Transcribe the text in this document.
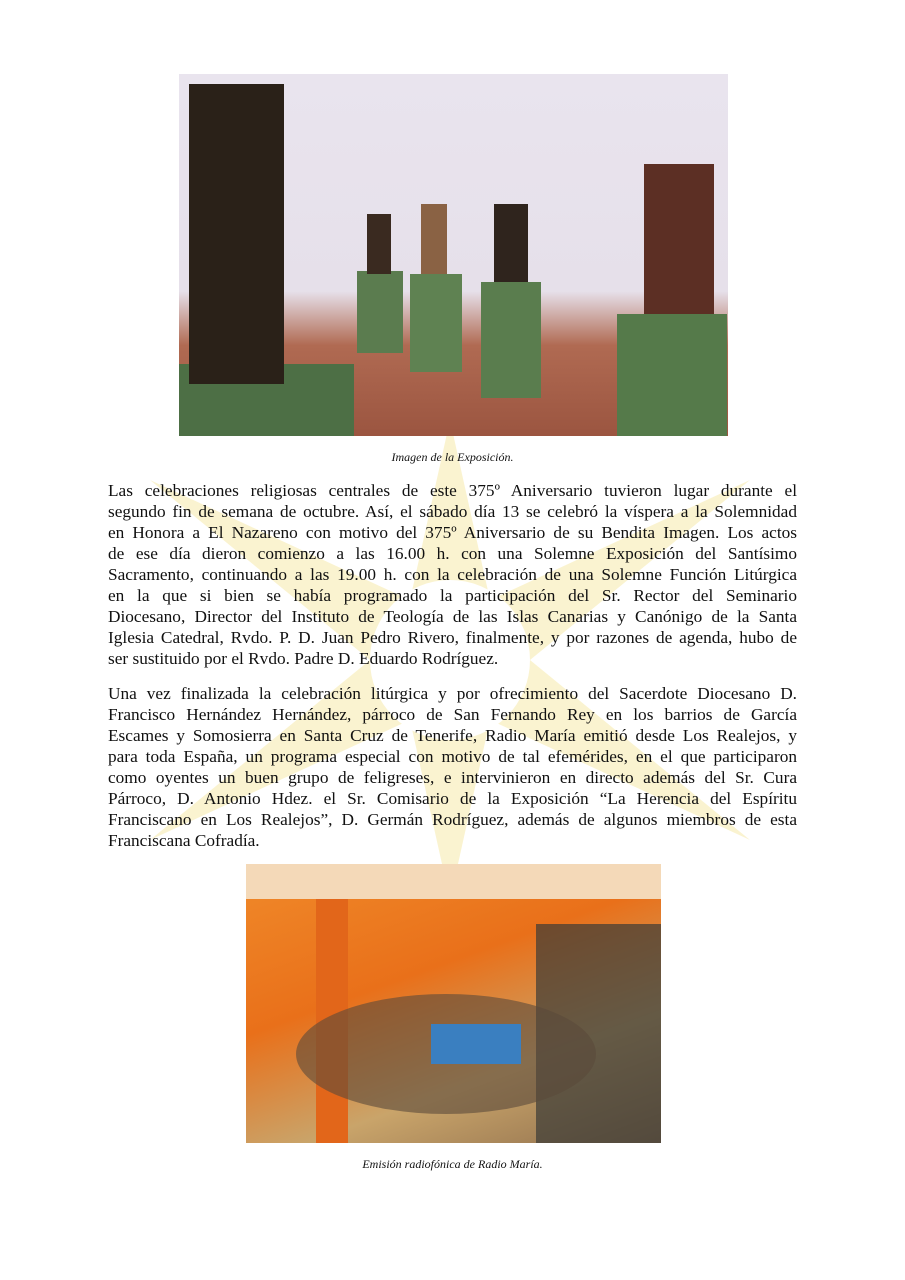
Imagen de la Exposición.
Las celebraciones religiosas centrales de este 375º Aniversario tuvieron lugar durante el
segundo fin de semana de octubre. Así, el sábado día 13 se celebró la víspera a la Solemnidad
en Honora a El Nazareno con motivo del 375º Aniversario de su Bendita Imagen. Los actos
de ese día dieron comienzo a las 16.00 h. con una Solemne Exposición del Santísimo
Sacramento, continuando a las 19.00 h. con la celebración de una Solemne Función Litúrgica
en la que si bien se había programado la participación del Sr. Rector del Seminario
Diocesano, Director del Instituto de Teología de las Islas Canarias y Canónigo de la Santa
Iglesia Catedral, Rvdo. P. D. Juan Pedro Rivero, finalmente, y por razones de agenda, hubo de
ser sustituido por el Rvdo. Padre D. Eduardo Rodríguez.
Una vez finalizada la celebración litúrgica y por ofrecimiento del Sacerdote Diocesano D.
Francisco Hernández Hernández, párroco de San Fernando Rey en los barrios de García
Escames y Somosierra en Santa Cruz de Tenerife, Radio María emitió desde Los Realejos, y
para toda España, un programa especial con motivo de tal efemérides, en el que participaron
como oyentes un buen grupo de feligreses, e intervinieron en directo además del Sr. Cura
Párroco, D. Antonio Hdez. el Sr. Comisario de la Exposición “La Herencia del Espíritu
Franciscano en Los Realejos”, D. Germán Rodríguez, además de algunos miembros de esta
Franciscana Cofradía.
Emisión radiofónica de Radio María.
